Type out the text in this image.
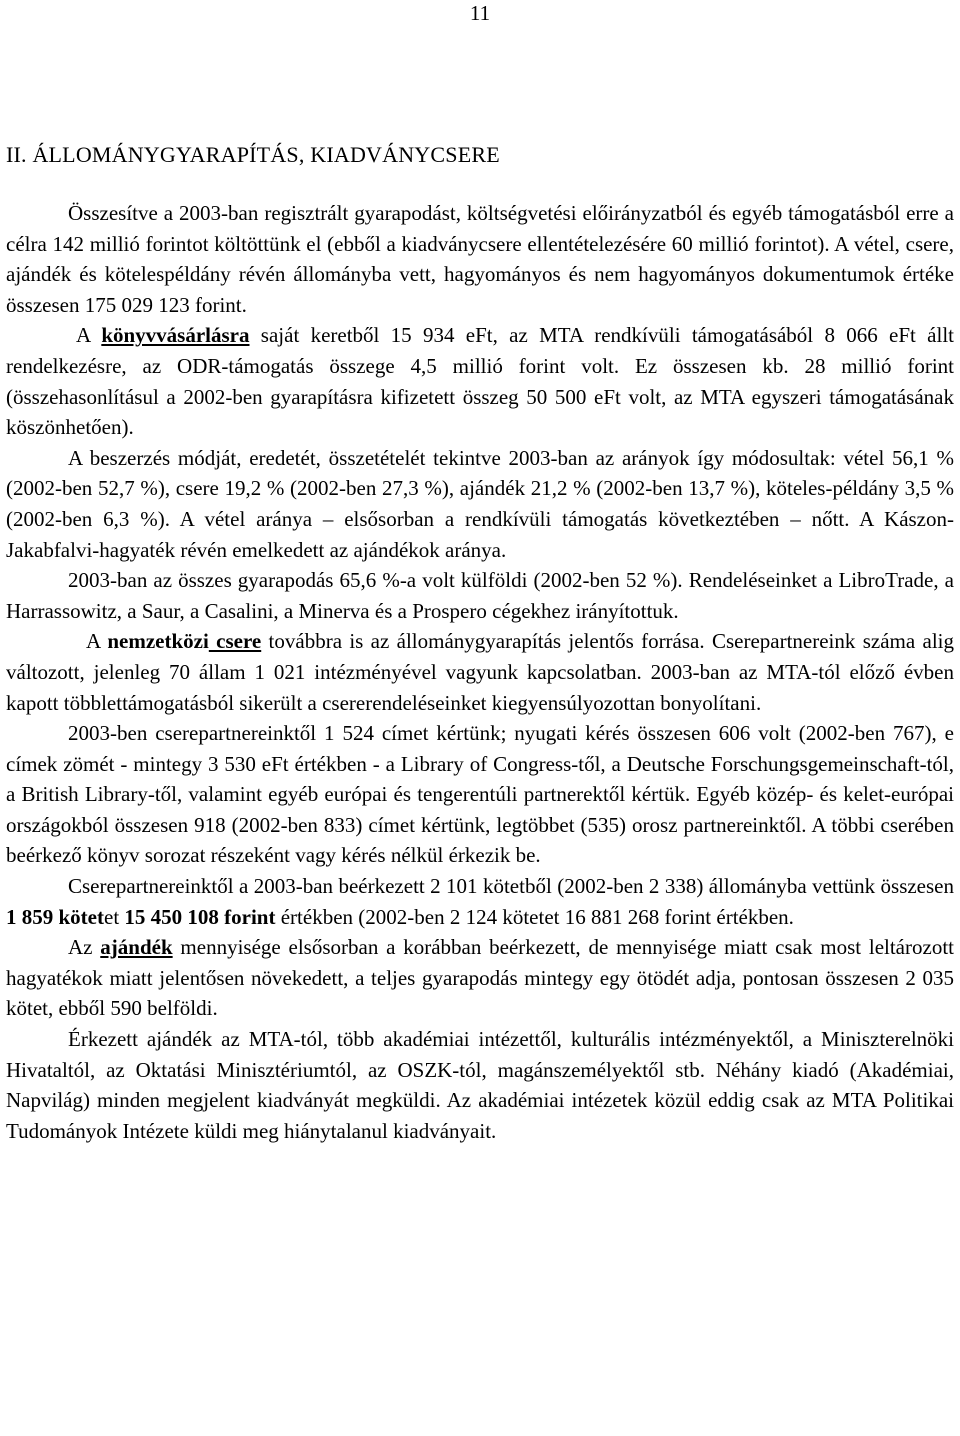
11
II. ÁLLOMÁNYGYARAPÍTÁS, KIADVÁNYCSERE

Összesítve a 2003-ban regisztrált gyarapodást, költségvetési előirányzatból és egyéb támogatásból erre a célra 142 millió forintot költöttünk el (ebből a kiadványcsere ellentételezésére 60 millió forintot). A vétel, csere, ajándék és kötelespéldány révén állományba vett, hagyományos és nem hagyományos dokumentumok értéke összesen 175 029 123 forint.

A könyvvásárlásra saját keretből 15 934 eFt, az MTA rendkívüli támogatásából 8 066 eFt állt rendelkezésre, az ODR-támogatás összege 4,5 millió forint volt. Ez összesen kb. 28 millió forint (összehasonlításul a 2002-ben gyarapításra kifizetett összeg 50 500 eFt volt, az MTA egyszeri támogatásának köszönhetően).

A beszerzés módját, eredetét, összetételét tekintve 2003-ban az arányok így módosultak: vétel 56,1 % (2002-ben 52,7 %), csere 19,2 % (2002-ben 27,3 %), ajándék 21,2 % (2002-ben 13,7 %), köteles-példány 3,5 % (2002-ben 6,3 %). A vétel aránya – elsősorban a rendkívüli támogatás következtében – nőtt. A Kászon-Jakabfalvi-hagyaték révén emelkedett az ajándékok aránya.

2003-ban az összes gyarapodás 65,6 %-a volt külföldi (2002-ben 52 %). Rendeléseinket a LibroTrade, a Harrassowitz, a Saur, a Casalini, a Minerva és a Prospero cégekhez irányítottuk.

A nemzetközi csere továbbra is az állománygyarapítás jelentős forrása. Cserepartnereink száma alig változott, jelenleg 70 állam 1 021 intézményével vagyunk kapcsolatban. 2003-ban az MTA-tól előző évben kapott többlettámogatásból sikerült a csererendeléseinket kiegyensúlyozottan bonyolítani.

2003-ben cserepartnereinktől 1 524 címet kértünk; nyugati kérés összesen 606 volt (2002-ben 767), e címek zömét - mintegy 3 530 eFt értékben - a Library of Congress-től, a Deutsche Forschungsgemeinschaft-tól, a British Library-től, valamint egyéb európai és tengerentúli partnerektől kértük. Egyéb közép- és kelet-európai országokból összesen 918 (2002-ben 833) címet kértünk, legtöbbet (535) orosz partnereinktől. A többi cserében beérkező könyv sorozat részeként vagy kérés nélkül érkezik be.

Cserepartnereinktől a 2003-ban beérkezett 2 101 kötetből (2002-ben 2 338) állományba vettünk összesen 1 859 kötetet 15 450 108 forint értékben (2002-ben 2 124 kötetet 16 881 268 forint értékben.

Az ajándék mennyisége elsősorban a korábban beérkezett, de mennyisége miatt csak most leltározott hagyatékok miatt jelentősen növekedett, a teljes gyarapodás mintegy egy ötödét adja, pontosan összesen 2 035 kötet, ebből 590 belföldi.

Érkezett ajándék az MTA-tól, több akadémiai intézettől, kulturális intézményektől, a Miniszterelnöki Hivataltól, az Oktatási Minisztériumtól, az OSZK-tól, magánszemélyektől stb. Néhány kiadó (Akadémiai, Napvilág) minden megjelent kiadványát megküldi. Az akadémiai intézetek közül eddig csak az MTA Politikai Tudományok Intézete küldi meg hiánytalanul kiadványait.
